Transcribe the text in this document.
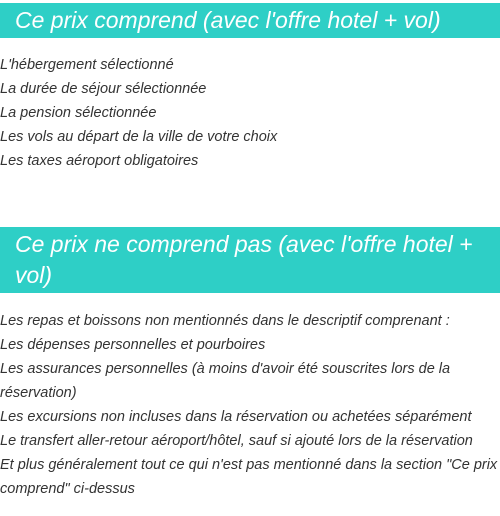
Ce prix comprend (avec l'offre hotel + vol)
L'hébergement sélectionné
La durée de séjour sélectionnée
La pension sélectionnée
Les vols au départ de la ville de votre choix
Les taxes aéroport obligatoires
Ce prix ne comprend pas (avec l'offre hotel + vol)
Les repas et boissons non mentionnés dans le descriptif comprenant :
Les dépenses personnelles et pourboires
Les assurances personnelles (à moins d'avoir été souscrites lors de la réservation)
Les excursions non incluses dans la réservation ou achetées séparément
Le transfert aller-retour aéroport/hôtel, sauf si ajouté lors de la réservation
Et plus généralement tout ce qui n'est pas mentionné dans la section "Ce prix comprend" ci-dessus
